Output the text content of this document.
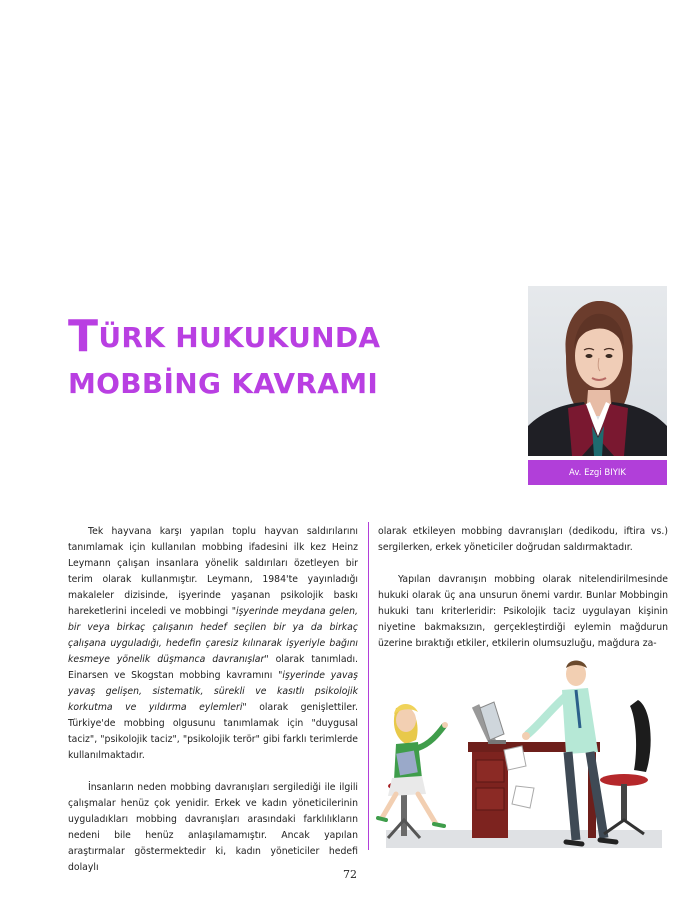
TÜRK HUKUKUNDA
MOBBİNG KAVRAMI
Av. Ezgi BIYIK

Tek hayvana karşı yapılan toplu hayvan saldırılarını tanımlamak için kullanılan mobbing ifadesini ilk kez Heinz Leymann çalışan insanlara yönelik saldırıları özetleyen bir terim olarak kullanmıştır. Leymann, 1984'te yayınladığı makaleler dizisinde, işyerinde yaşanan psikolojik baskı hareketlerini inceledi ve mobbingi "işyerinde meydana gelen, bir veya birkaç çalışanın hedef seçilen bir ya da birkaç çalışana uyguladığı, hedefin çaresiz kılınarak işyeriyle bağını kesmeye yönelik düşmanca davranışlar" olarak tanımladı. Einarsen ve Skogstan mobbing kavramını "işyerinde yavaş yavaş gelişen, sistematik, sürekli ve kasıtlı psikolojik korkutma ve yıldırma eylemleri" olarak genişlettiler. Türkiye'de mobbing olgusunu tanımlamak için "duygusal taciz", "psikolojik taciz", "psikolojik terör" gibi farklı terimlerde kullanılmaktadır.

İnsanların neden mobbing davranışları sergilediği ile ilgili çalışmalar henüz çok yenidir. Erkek ve kadın yöneticilerinin uyguladıkları mobbing davranışları arasındaki farklılıkların nedeni bile henüz anlaşılamamıştır. Ancak yapılan araştırmalar göstermektedir ki, kadın yöneticiler hedefi dolaylı

olarak etkileyen mobbing davranışları (dedikodu, iftira vs.) sergilerken, erkek yöneticiler doğrudan saldırmaktadır.

Yapılan davranışın mobbing olarak nitelendirilmesinde hukuki olarak üç ana unsurun önemi vardır. Bunlar Mobbingin hukuki tanı kriterleridir: Psikolojik taciz uygulayan kişinin niyetine bakmaksızın, gerçekleştirdiği eylemin mağdurun üzerine bıraktığı etkiler, etkilerin olumsuzluğu, mağdura za-

72
